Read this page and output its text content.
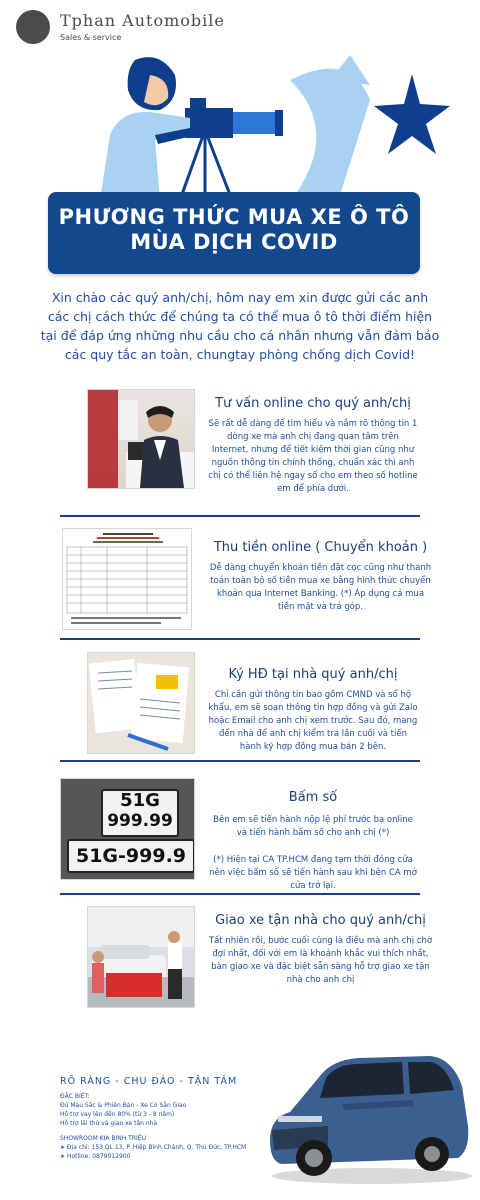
Tphan Automobile
Sales & service
PHƯƠNG THỨC MUA XE Ô TÔ
MÙA DỊCH COVID
Xin chào các quý anh/chị, hôm nay em xin được gửi các anh các chị cách thức để chúng ta có thể mua ô tô thời điểm hiện tại để đáp ứng những nhu cầu cho cá nhân nhưng vẫn đảm bảo các quy tắc an toàn, chungtay phòng chống dịch Covid!
Tư vấn online cho quý anh/chị
Sẽ rất dễ dàng để tìm hiểu và nắm rõ thông tin 1 dòng xe mà anh chị đang quan tâm trên Internet, nhưng để tiết kiệm thời gian cũng như nguồn thông tin chính thống, chuẩn xác thì anh chị có thể liên hệ ngay số cho em theo số hotline em để phía dưới.
Thu tiền online ( Chuyển khoản )
Dễ dàng chuyển khoản tiền đặt cọc cũng như thanh toán toàn bộ số tiền mua xe bằng hình thức chuyển khoản qua Internet Banking. (*) Áp dụng cả mua tiền mặt và trả góp.
Ký HĐ tại nhà quý anh/chị
Chỉ cần gửi thông tin bao gồm CMND và sổ hộ khẩu, em sẽ soạn thông tin hợp đồng và gửi Zalo hoặc Email cho anh chị xem trước. Sau đó, mang đến nhà để anh chị kiểm tra lần cuối và tiến hành ký hợp đồng mua bán 2 bên.
51G
999.99
51G-999.9
Bấm số
Bên em sẽ tiến hành nộp lệ phí trước bạ online và tiến hành bấm số cho anh chị (*)
(*) Hiện tại CA TP.HCM đang tạm thời đóng cửa nên việc bấm số sẽ tiến hành sau khi bên CA mở cửa trở lại.
Giao xe tận nhà cho quý anh/chị
Tất nhiên rồi, bước cuối cùng là điều mà anh chị chờ đợi nhất, đối với em là khoảnh khắc vui thích nhất, bàn giao xe và đặc biệt sẵn sàng hỗ trợ giao xe tận nhà cho anh chị
RÕ RÀNG - CHU ĐÁO - TẬN TÂM
ĐẶC BIỆT:
Đủ Màu Sắc & Phiên Bản - Xe Có Sẵn Giao
Hỗ trợ vay lên đến 80% (từ 3 - 8 năm)
Hỗ trợ lái thử và giao xe tận nhà
SHOWROOM KIA BÌNH TRIỆU
➤ Địa chỉ: 153 QL 13, P. Hiệp Bình Chánh, Q. Thủ Đức, TP.HCM
➤ Hotline: 0879012900
